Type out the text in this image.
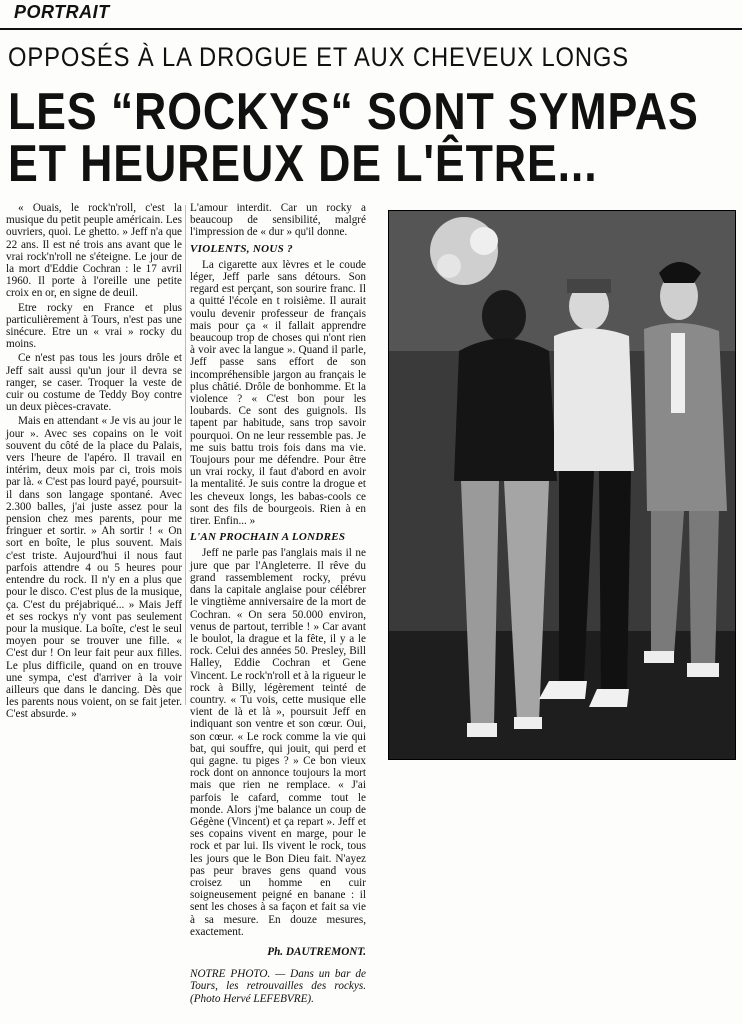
PORTRAIT
OPPOSÉS À LA DROGUE ET AUX CHEVEUX LONGS
LES “ROCKYS“ SONT SYMPAS
ET HEUREUX DE L'ÊTRE...

« Ouais, le rock'n'roll, c'est la musique du petit peuple américain. Les ouvriers, quoi. Le ghetto. » Jeff n'a que 22 ans. Il est né trois ans avant que le vrai rock'n'roll ne s'éteigne. Le jour de la mort d'Eddie Cochran : le 17 avril 1960. Il porte à l'oreille une petite croix en or, en signe de deuil.

Etre rocky en France et plus particulièrement à Tours, n'est pas une sinécure. Etre un « vrai » rocky du moins.

Ce n'est pas tous les jours drôle et Jeff sait aussi qu'un jour il devra se ranger, se caser. Troquer la veste de cuir ou costume de Teddy Boy contre un deux pièces-cravate.

Mais en attendant « Je vis au jour le jour ». Avec ses copains on le voit souvent du côté de la place du Palais, vers l'heure de l'apéro. Il travail en intérim, deux mois par ci, trois mois par là. « C'est pas lourd payé, poursuit-il dans son langage spontané. Avec 2.300 balles, j'ai juste assez pour la pension chez mes parents, pour me fringuer et sortir. » Ah sortir ! « On sort en boîte, le plus souvent. Mais c'est triste. Aujourd'hui il nous faut parfois attendre 4 ou 5 heures pour entendre du rock. Il n'y en a plus que pour le disco. C'est plus de la musique, ça. C'est du préjabriqué... » Mais Jeff et ses rockys n'y vont pas seulement pour la musique. La boîte, c'est le seul moyen pour se trouver une fille. « C'est dur ! On leur fait peur aux filles. Le plus difficile, quand on en trouve une sympa, c'est d'arriver à la voir ailleurs que dans le dancing. Dès que les parents nous voient, on se fait jeter. C'est absurde. »

L'amour interdit. Car un rocky a beaucoup de sensibilité, malgré l'impression de « dur » qu'il donne.

VIOLENTS, NOUS ?

La cigarette aux lèvres et le coude léger, Jeff parle sans détours. Son regard est perçant, son sourire franc. Il a quitté l'école en t roisième. Il aurait voulu devenir professeur de français mais pour ça « il fallait apprendre beaucoup trop de choses qui n'ont rien à voir avec la langue ». Quand il parle, Jeff passe sans effort de son incompréhensible jargon au français le plus châtié. Drôle de bonhomme. Et la violence ? « C'est bon pour les loubards. Ce sont des guignols. Ils tapent par habitude, sans trop savoir pourquoi. On ne leur ressemble pas. Je me suis battu trois fois dans ma vie. Toujours pour me défendre. Pour être un vrai rocky, il faut d'abord en avoir la mentalité. Je suis contre la drogue et les cheveux longs, les babas-cools ce sont des fils de bourgeois. Rien à en tirer. Enfin... »

L'AN PROCHAIN A LONDRES

Jeff ne parle pas l'anglais mais il ne jure que par l'Angleterre. Il rêve du grand rassemblement rocky, prévu dans la capitale anglaise pour célébrer le vingtième anniversaire de la mort de Cochran. « On sera 50.000 environ, venus de partout, terrible ! » Car avant le boulot, la drague et la fête, il y a le rock. Celui des années 50. Presley, Bill Halley, Eddie Cochran et Gene Vincent. Le rock'n'roll et à la rigueur le rock à Billy, légèrement teinté de country. « Tu vois, cette musique elle vient de là et là », poursuit Jeff en indiquant son ventre et son cœur. Oui, son cœur. « Le rock comme la vie qui bat, qui souffre, qui jouit, qui perd et qui gagne. tu piges ? » Ce bon vieux rock dont on annonce toujours la mort mais que rien ne remplace. « J'ai parfois le cafard, comme tout le monde. Alors j'me balance un coup de Gégène (Vincent) et ça repart ». Jeff et ses copains vivent en marge, pour le rock et par lui. Ils vivent le rock, tous les jours que le Bon Dieu fait. N'ayez pas peur braves gens quand vous croisez un homme en cuir soigneusement peigné en banane : il sent les choses à sa façon et fait sa vie à sa mesure. En douze mesures, exactement.

Ph. DAUTREMONT.

NOTRE PHOTO. — Dans un bar de Tours, les retrouvailles des rockys. (Photo Hervé LEFEBVRE).
